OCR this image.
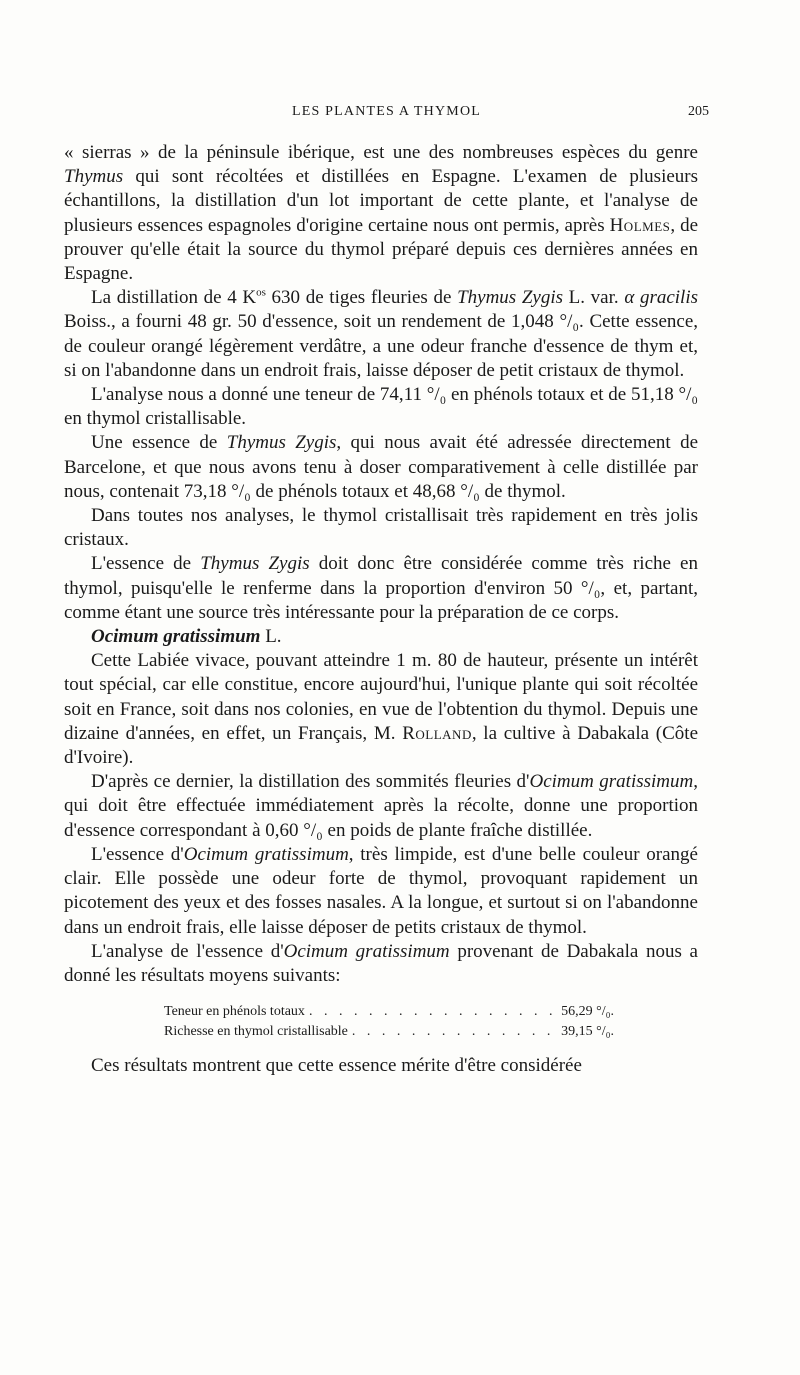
LES PLANTES A THYMOL	205

« sierras » de la péninsule ibérique, est une des nombreuses espèces du genre Thymus qui sont récoltées et distillées en Espagne. L'examen de plusieurs échantillons, la distillation d'un lot important de cette plante, et l'analyse de plusieurs essences espagnoles d'origine certaine nous ont permis, après Holmes, de prouver qu'elle était la source du thymol préparé depuis ces dernières années en Espagne.

La distillation de 4 $K^{os}$ 630 de tiges fleuries de Thymus Zygis L. var. α gracilis Boiss., a fourni 48 gr. 50 d'essence, soit un rendement de 1,048 °/₀. Cette essence, de couleur orangé légèrement verdâtre, a une odeur franche d'essence de thym et, si on l'abandonne dans un endroit frais, laisse déposer de petit cristaux de thymol.

L'analyse nous a donné une teneur de 74,11 °/₀ en phénols totaux et de 51,18 °/₀ en thymol cristallisable.

Une essence de Thymus Zygis, qui nous avait été adressée directement de Barcelone, et que nous avons tenu à doser comparativement à celle distillée par nous, contenait 73,18 °/₀ de phénols totaux et 48,68 °/₀ de thymol.

Dans toutes nos analyses, le thymol cristallisait très rapidement en très jolis cristaux.

L'essence de Thymus Zygis doit donc être considérée comme très riche en thymol, puisqu'elle le renferme dans la proportion d'environ 50 °/₀, et, partant, comme étant une source très intéressante pour la préparation de ce corps.

Ocimum gratissimum L.

Cette Labiée vivace, pouvant atteindre 1 m. 80 de hauteur, présente un intérêt tout spécial, car elle constitue, encore aujourd'hui, l'unique plante qui soit récoltée soit en France, soit dans nos colonies, en vue de l'obtention du thymol. Depuis une dizaine d'années, en effet, un Français, M. Rolland, la cultive à Dabakala (Côte d'Ivoire).

D'après ce dernier, la distillation des sommités fleuries d'Ocimum gratissimum, qui doit être effectuée immédiatement après la récolte, donne une proportion d'essence correspondant à 0,60 °/₀ en poids de plante fraîche distillée.

L'essence d'Ocimum gratissimum, très limpide, est d'une belle couleur orangé clair. Elle possède une odeur forte de thymol, provoquant rapidement un picotement des yeux et des fosses nasales. A la longue, et surtout si on l'abandonne dans un endroit frais, elle laisse déposer de petits cristaux de thymol.

L'analyse de l'essence d'Ocimum gratissimum provenant de Dabakala nous a donné les résultats moyens suivants:

Teneur en phénols totaux . . .	56,29 °/₀.
Richesse en thymol cristallisable . . .	39,15 °/₀.

Ces résultats montrent que cette essence mérite d'être considérée
